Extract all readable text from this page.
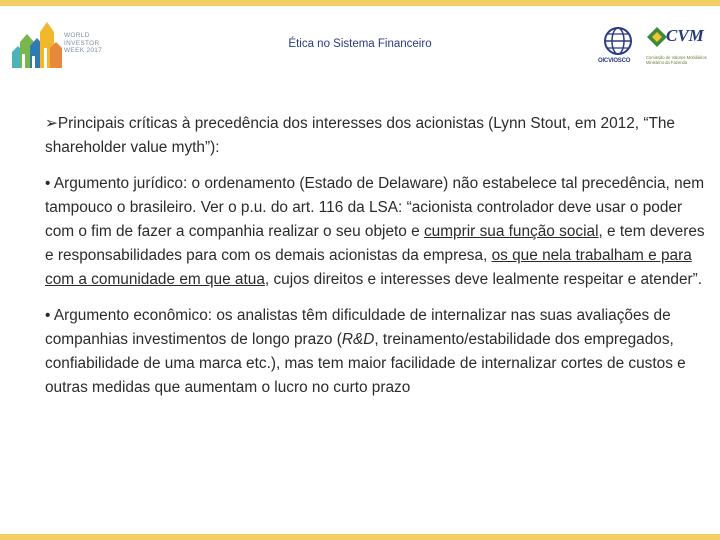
WORLD
INVESTOR
WEEK 2017
Ética no Sistema Financeiro
OICVIOSCO
CVM
Comissão de Valores Mobiliários
Ministério da Fazenda

➢Principais críticas à precedência dos interesses dos acionistas (Lynn Stout, em 2012, “The shareholder value myth”):

• Argumento jurídico: o ordenamento (Estado de Delaware) não estabelece tal precedência, nem tampouco o brasileiro. Ver o p.u. do art. 116 da LSA: “acionista controlador deve usar o poder com o fim de fazer a companhia realizar o seu objeto e cumprir sua função social, e tem deveres e responsabilidades para com os demais acionistas da empresa, os que nela trabalham e para com a comunidade em que atua, cujos direitos e interesses deve lealmente respeitar e atender”.

• Argumento econômico: os analistas têm dificuldade de internalizar nas suas avaliações de companhias investimentos de longo prazo (R&D, treinamento/estabilidade dos empregados, confiabilidade de uma marca etc.), mas tem maior facilidade de internalizar cortes de custos e outras medidas que aumentam o lucro no curto prazo
